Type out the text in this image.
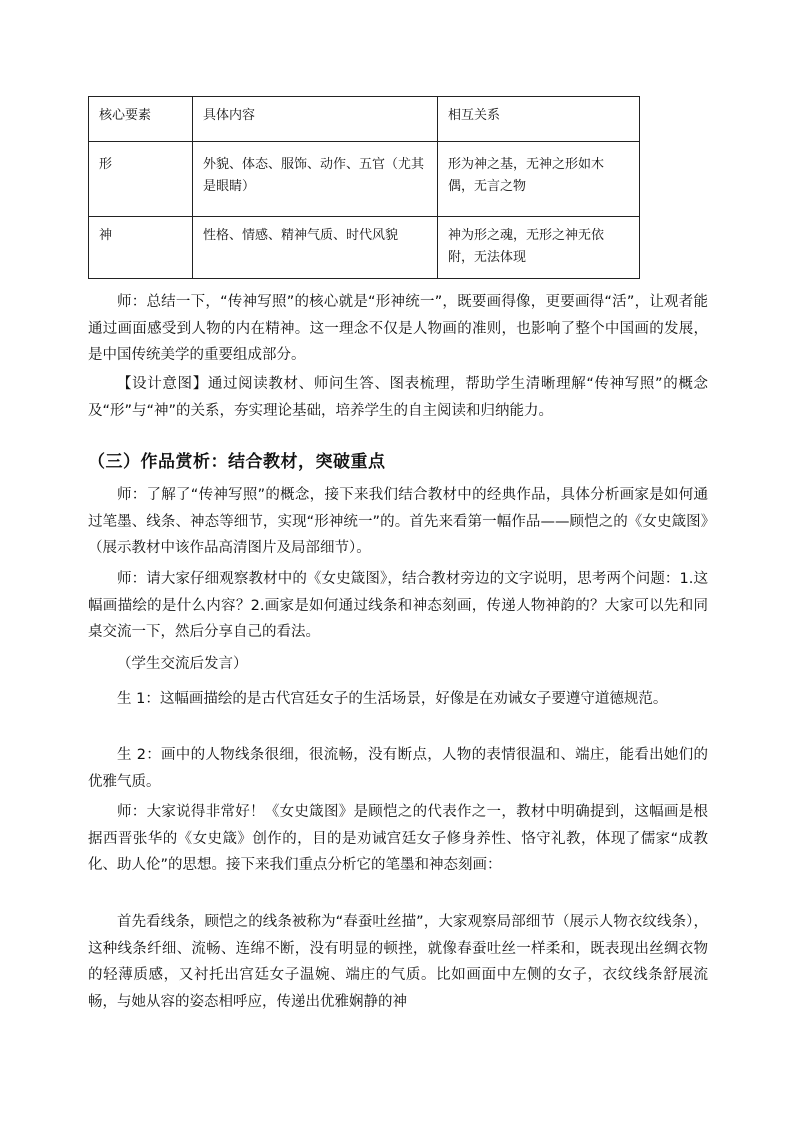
核心要素	具体内容	相互关系
形	外貌、体态、服饰、动作、五官（尤其是眼睛）	形为神之基，无神之形如木偶，无言之物
神	性格、情感、精神气质、时代风貌	神为形之魂，无形之神无依附，无法体现

师：总结一下，“传神写照”的核心就是“形神统一”，既要画得像，更要画得“活”，让观者能通过画面感受到人物的内在精神。这一理念不仅是人物画的准则，也影响了整个中国画的发展，是中国传统美学的重要组成部分。

【设计意图】通过阅读教材、师问生答、图表梳理，帮助学生清晰理解“传神写照”的概念及“形”与“神”的关系，夯实理论基础，培养学生的自主阅读和归纳能力。

（三）作品赏析：结合教材，突破重点

师：了解了“传神写照”的概念，接下来我们结合教材中的经典作品，具体分析画家是如何通过笔墨、线条、神态等细节，实现“形神统一”的。首先来看第一幅作品——顾恺之的《女史箴图》（展示教材中该作品高清图片及局部细节）。

师：请大家仔细观察教材中的《女史箴图》，结合教材旁边的文字说明，思考两个问题：1.这幅画描绘的是什么内容？2.画家是如何通过线条和神态刻画，传递人物神韵的？大家可以先和同桌交流一下，然后分享自己的看法。

（学生交流后发言）

生 1：这幅画描绘的是古代宫廷女子的生活场景，好像是在劝诫女子要遵守道德规范。

生 2：画中的人物线条很细，很流畅，没有断点，人物的表情很温和、端庄，能看出她们的优雅气质。

师：大家说得非常好！《女史箴图》是顾恺之的代表作之一，教材中明确提到，这幅画是根据西晋张华的《女史箴》创作的，目的是劝诫宫廷女子修身养性、恪守礼教，体现了儒家“成教化、助人伦”的思想。接下来我们重点分析它的笔墨和神态刻画：

首先看线条，顾恺之的线条被称为“春蚕吐丝描”，大家观察局部细节（展示人物衣纹线条），这种线条纤细、流畅、连绵不断，没有明显的顿挫，就像春蚕吐丝一样柔和，既表现出丝绸衣物的轻薄质感，又衬托出宫廷女子温婉、端庄的气质。比如画面中左侧的女子，衣纹线条舒展流畅，与她从容的姿态相呼应，传递出优雅娴静的神
